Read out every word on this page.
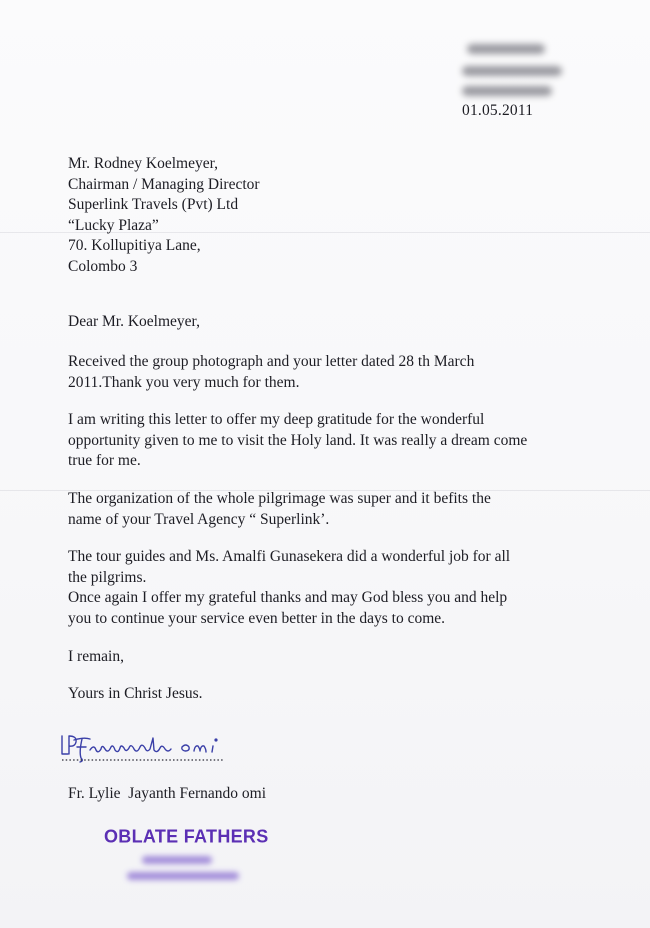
01.05.2011
Mr. Rodney Koelmeyer,
Chairman / Managing Director
Superlink Travels (Pvt) Ltd
“Lucky Plaza”
70. Kollupitiya Lane,
Colombo 3
Dear Mr. Koelmeyer,

Received the group photograph and your letter dated 28 th March
2011.Thank you very much for them.

I am writing this letter to offer my deep gratitude for the wonderful
opportunity given to me to visit the Holy land. It was really a dream come
true for me.

The organization of the whole pilgrimage was super and it befits the
name of your Travel Agency “ Superlink’.

The tour guides and Ms. Amalfi Gunasekera did a wonderful job for all
the pilgrims.
Once again I offer my grateful thanks and may God bless you and help
you to continue your service even better in the days to come.

I remain,

Yours in Christ Jesus.

Fr. Lylie  Jayanth Fernando omi
OBLATE FATHERS
